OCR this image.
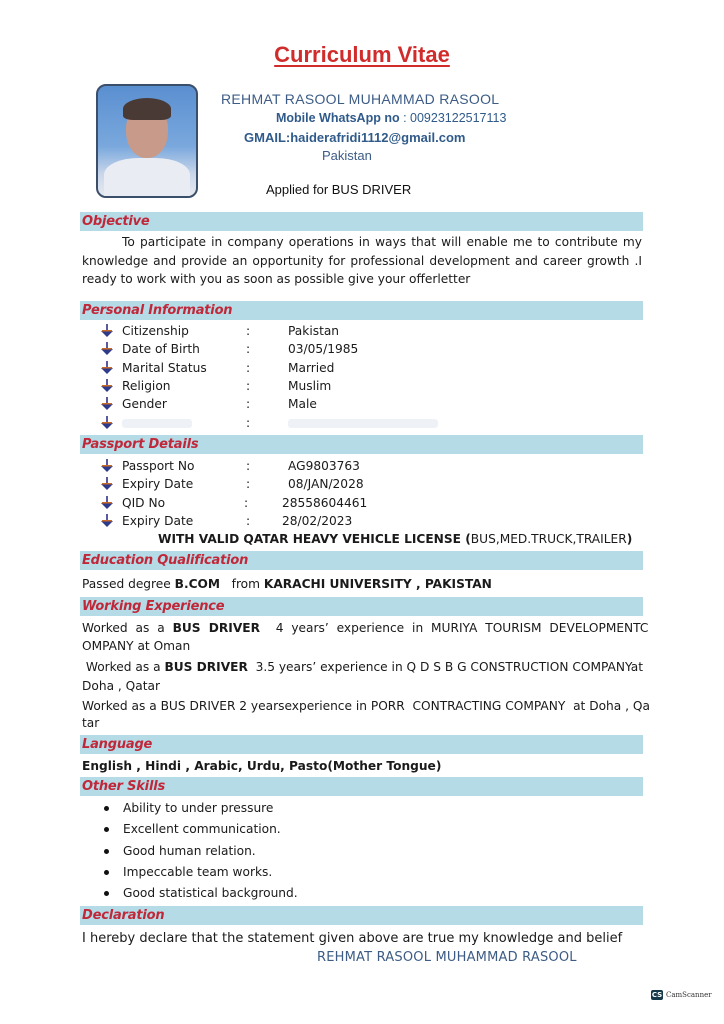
Curriculum Vitae
REHMAT RASOOL MUHAMMAD RASOOL
Mobile WhatsApp no : 00923122517113
GMAIL:haiderafridi1112@gmail.com
Pakistan
Applied for BUS DRIVER
Objective
To participate in company operations in ways that will enable me to contribute my knowledge and provide an opportunity for professional development and career growth .I ready to work with you as soon as possible give your offerletter
Personal Information
Citizenship	:	Pakistan
Date of Birth	:	03/05/1985
Marital Status	:	Married
Religion	:	Muslim
Gender	:	Male
:
Passport Details
Passport No	:	AG9803763
Expiry Date	:	08/JAN/2028
QID No	:	28558604461
Expiry Date	:	28/02/2023
WITH VALID QATAR HEAVY VEHICLE LICENSE (BUS,MED.TRUCK,TRAILER)
Education Qualification
Passed degree B.COM   from KARACHI UNIVERSITY , PAKISTAN
Working Experience
Worked as a BUS DRIVER  4 years’ experience in MURIYA TOURISM DEVELOPMENTC
OMPANY at Oman
Worked as a BUS DRIVER  3.5 years’ experience in Q D S B G CONSTRUCTION COMPANYat
Doha , Qatar
Worked as a BUS DRIVER 2 yearsexperience in PORR  CONTRACTING COMPANY  at Doha , Qa
tar
Language
English , Hindi , Arabic, Urdu, Pasto(Mother Tongue)
Other Skills
Ability to under pressure
Excellent communication.
Good human relation.
Impeccable team works.
Good statistical background.
Declaration
I hereby declare that the statement given above are true my knowledge and belief
REHMAT RASOOL MUHAMMAD RASOOL
CS CamScanner
